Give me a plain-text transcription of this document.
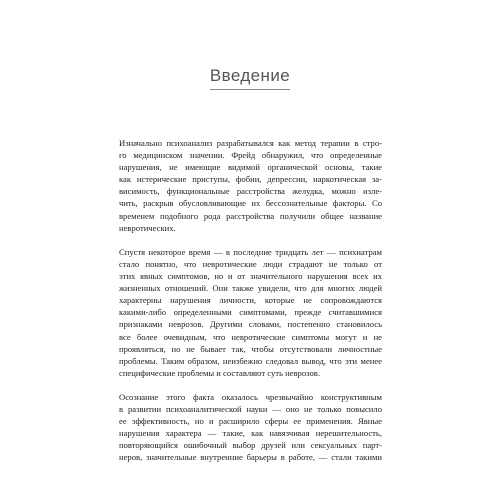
Введение
Изначально психоанализ разрабатывался как метод терапии в стро-
го медицинском значении. Фрейд обнаружил, что определенные
нарушения, не имеющие видимой органической основы, такие
как истерические приступы, фобии, депрессии, наркотическая за-
висимость, функциональные расстройства желудка, можно изле-
чить, раскрыв обусловливающие их бессознательные факторы. Со
временем подобного рода расстройства получили общее название
невротических.
Спустя некоторое время — в последние тридцать лет — психиатрам
стало понятно, что невротические люди страдают не только от
этих явных симптомов, но и от значительного нарушения всех их
жизненных отношений. Они также увидели, что для многих людей
характерны нарушения личности, которые не сопровождаются
какими-либо определенными симптомами, прежде считавшимися
признаками неврозов. Другими словами, постепенно становилось
все более очевидным, что невротические симптомы могут и не
проявляться, но не бывает так, чтобы отсутствовали личностные
проблемы. Таким образом, неизбежно следовал вывод, что эти менее
специфические проблемы и составляют суть неврозов.
Осознание этого факта оказалось чрезвычайно конструктивным
в развитии психоаналитической науки — оно не только повысило
ее эффективность, но и расширило сферы ее применения. Явные
нарушения характера — такие, как навязчивая нерешительность,
повторяющийся ошибочный выбор друзей или сексуальных парт-
неров, значительные внутренние барьеры в работе, — стали такими
